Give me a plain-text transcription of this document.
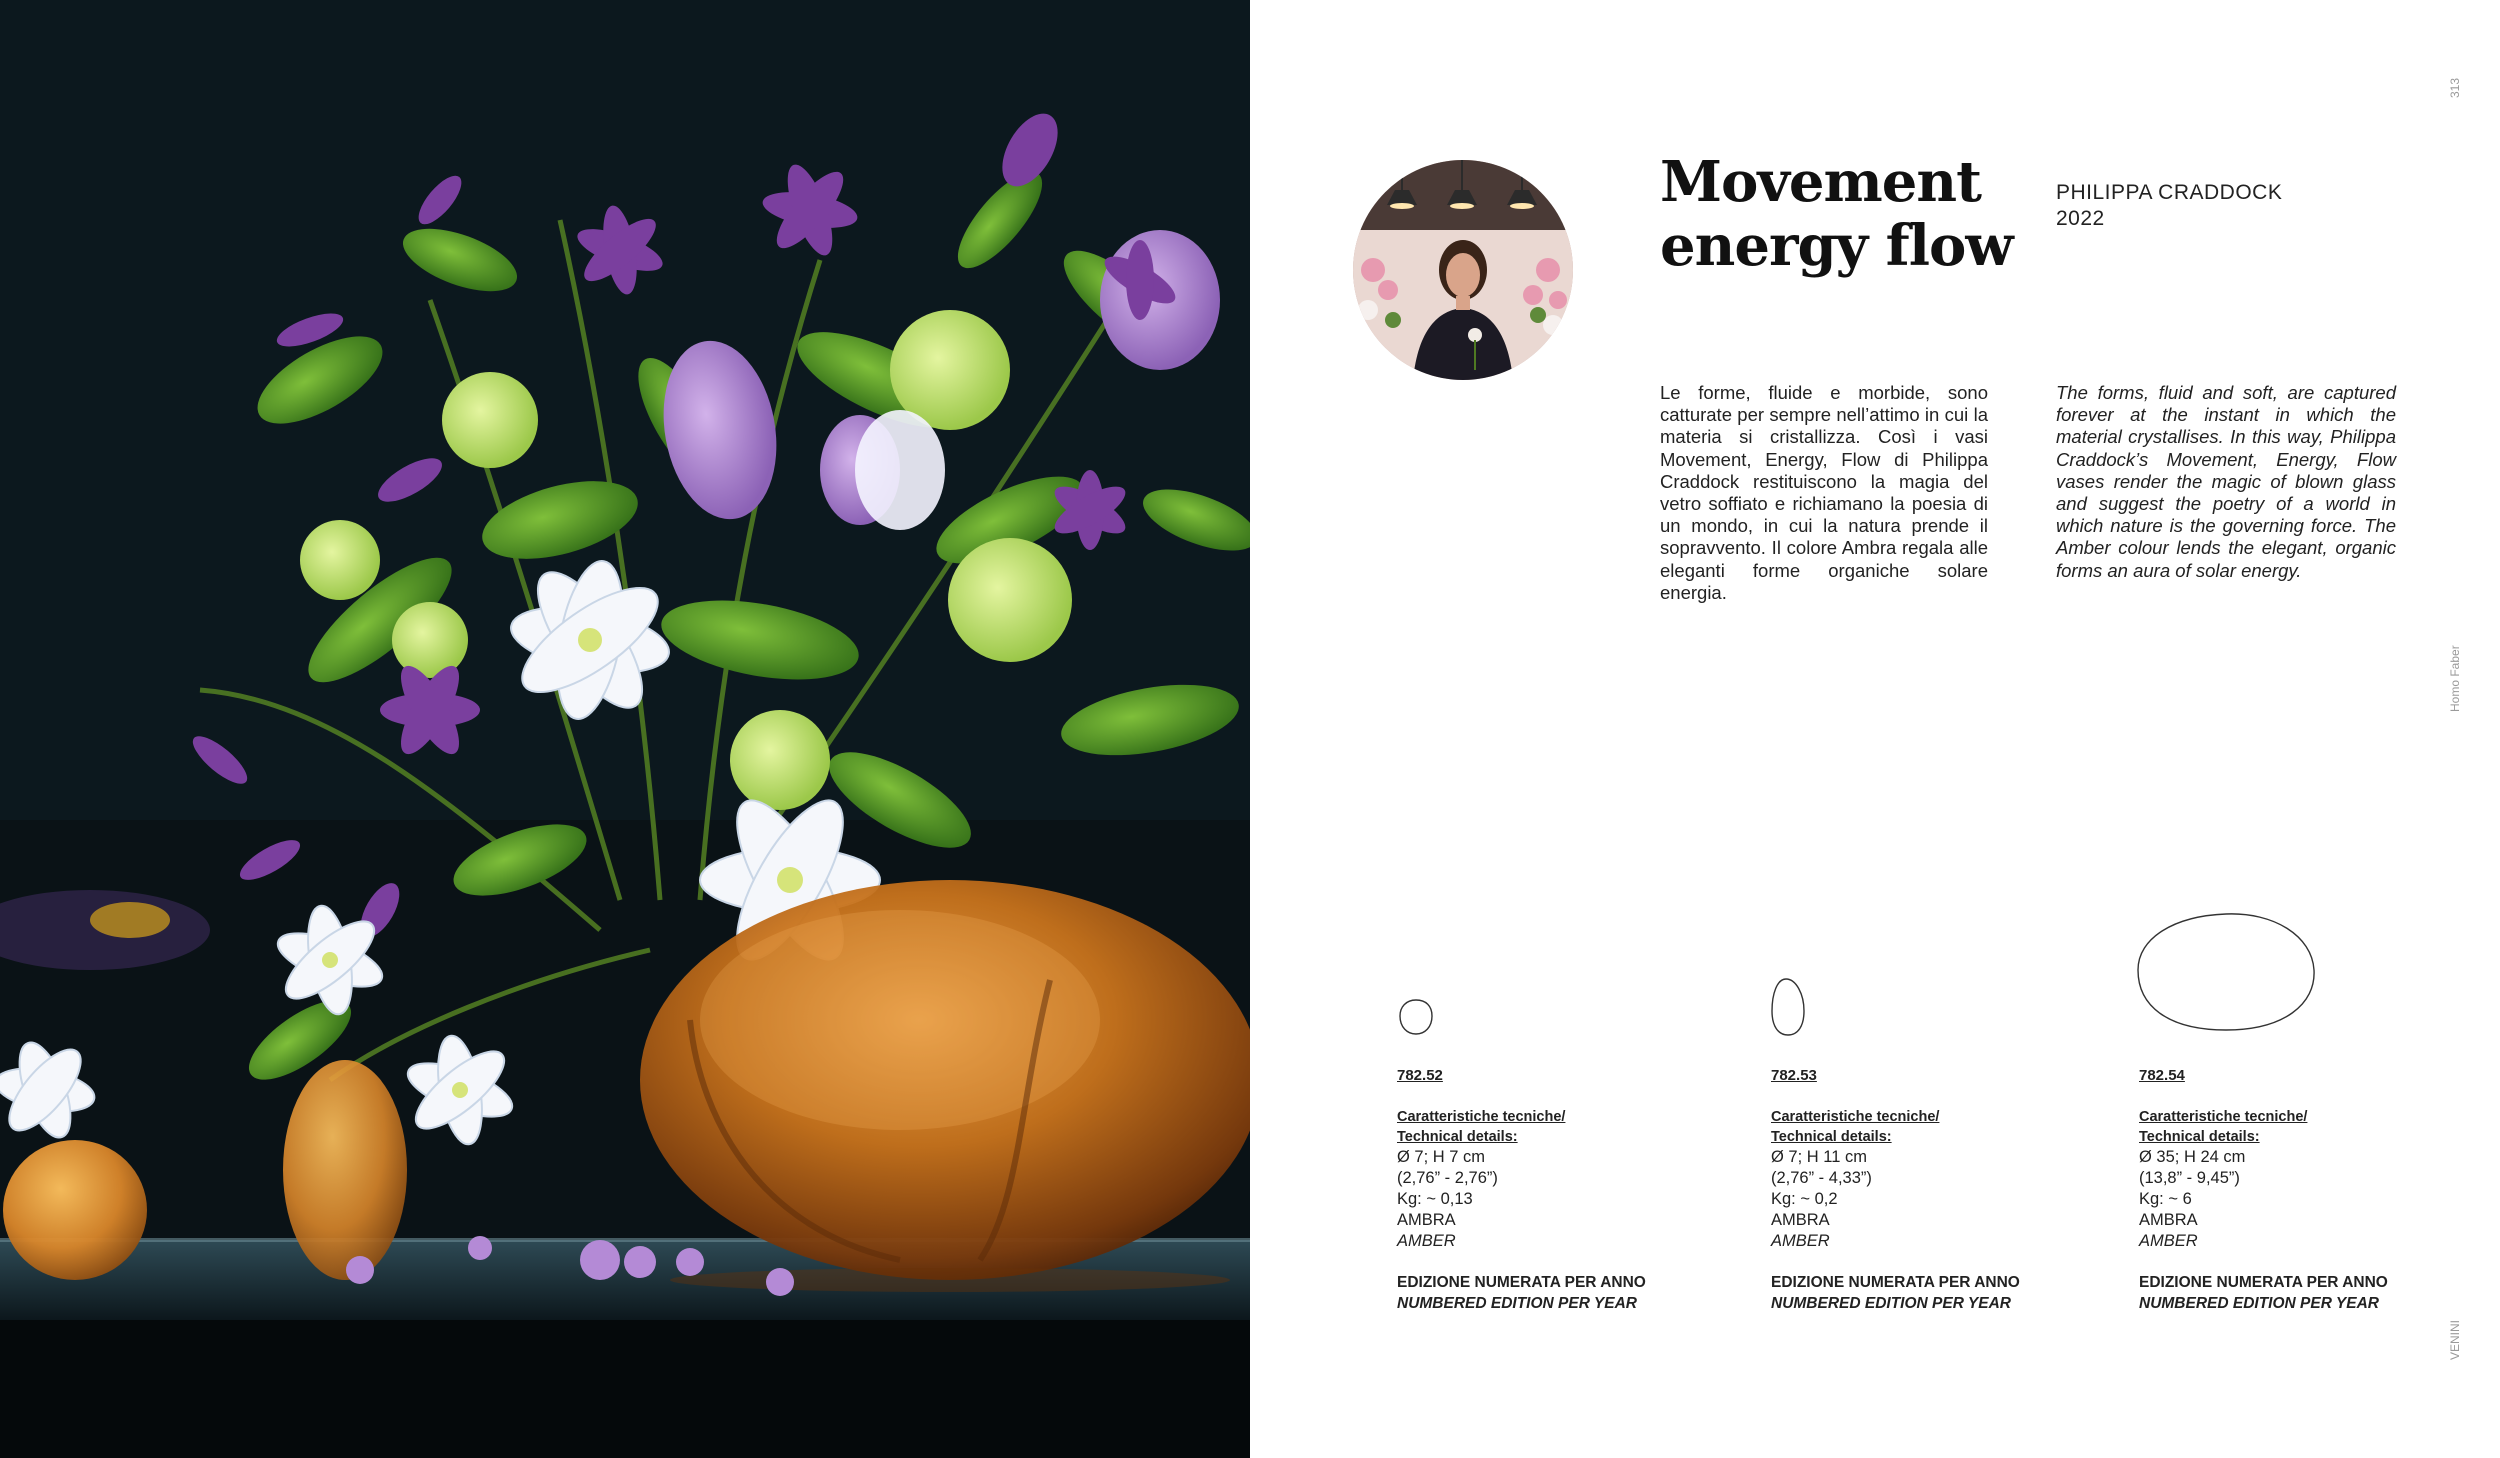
Movement energy flow
PHILIPPA CRADDOCK
2022

Le forme, fluide e morbide, sono catturate per sempre nell’attimo in cui la materia si cristallizza. Così i vasi Movement, Energy, Flow di Philippa Craddock restituiscono la magia del vetro soffiato e richiamano la poesia di un mondo, in cui la natura prende il sopravvento. Il colore Ambra regala alle eleganti forme organiche solare energia.

The forms, fluid and soft, are captured forever at the instant in which the material crystallises. In this way, Philippa Craddock’s Movement, Energy, Flow vases render the magic of blown glass and suggest the poetry of a world in which nature is the governing force. The Amber colour lends the elegant, organic forms an aura of solar energy.

313
Homo Faber
VENINI
782.52
Caratteristiche tecniche/
Technical details:
Ø 7; H 7 cm
(2,76” - 2,76”)
Kg: ~ 0,13
AMBRA
AMBER
EDIZIONE NUMERATA PER ANNO
NUMBERED EDITION PER YEAR
782.53
Caratteristiche tecniche/
Technical details:
Ø 7; H 11 cm
(2,76” - 4,33”)
Kg: ~ 0,2
AMBRA
AMBER
EDIZIONE NUMERATA PER ANNO
NUMBERED EDITION PER YEAR
782.54
Caratteristiche tecniche/
Technical details:
Ø 35; H 24 cm
(13,8” - 9,45”)
Kg: ~ 6
AMBRA
AMBER
EDIZIONE NUMERATA PER ANNO
NUMBERED EDITION PER YEAR
